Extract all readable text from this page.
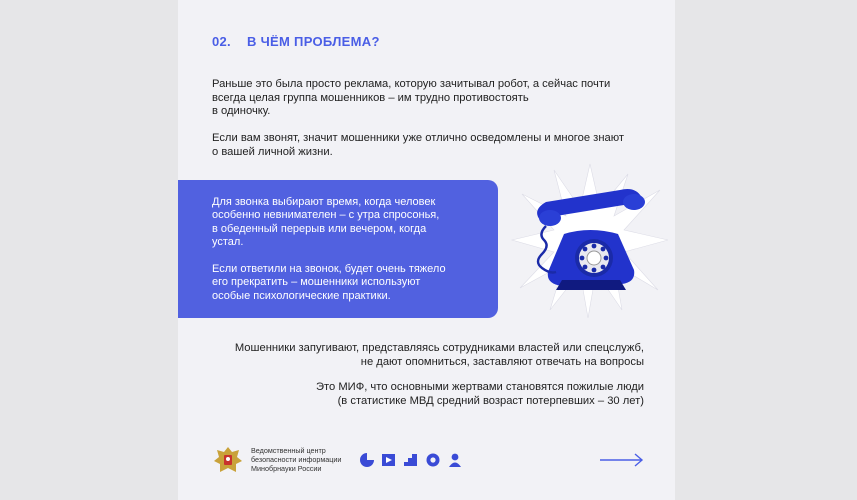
02. В ЧЁМ ПРОБЛЕМА?
Раньше это была просто реклама, которую зачитывал робот, а сейчас почти
всегда целая группа мошенников – им трудно противостоять
в одиночку.
Если вам звонят, значит мошенники уже отлично осведомлены и многое знают
о вашей личной жизни.
Для звонка выбирают время, когда человек
особенно невнимателен – с утра спросонья,
в обеденный перерыв или вечером, когда
устал.
Если ответили на звонок, будет очень тяжело
его прекратить – мошенники используют
особые психологические практики.
Мошенники запугивают, представляясь сотрудниками властей или спецслужб,
не дают опомниться, заставляют отвечать на вопросы
Это МИФ, что основными жертвами становятся пожилые люди
(в статистике МВД средний возраст потерпевших – 30 лет)
Ведомственный центр
безопасности информации
Минобрнауки России
